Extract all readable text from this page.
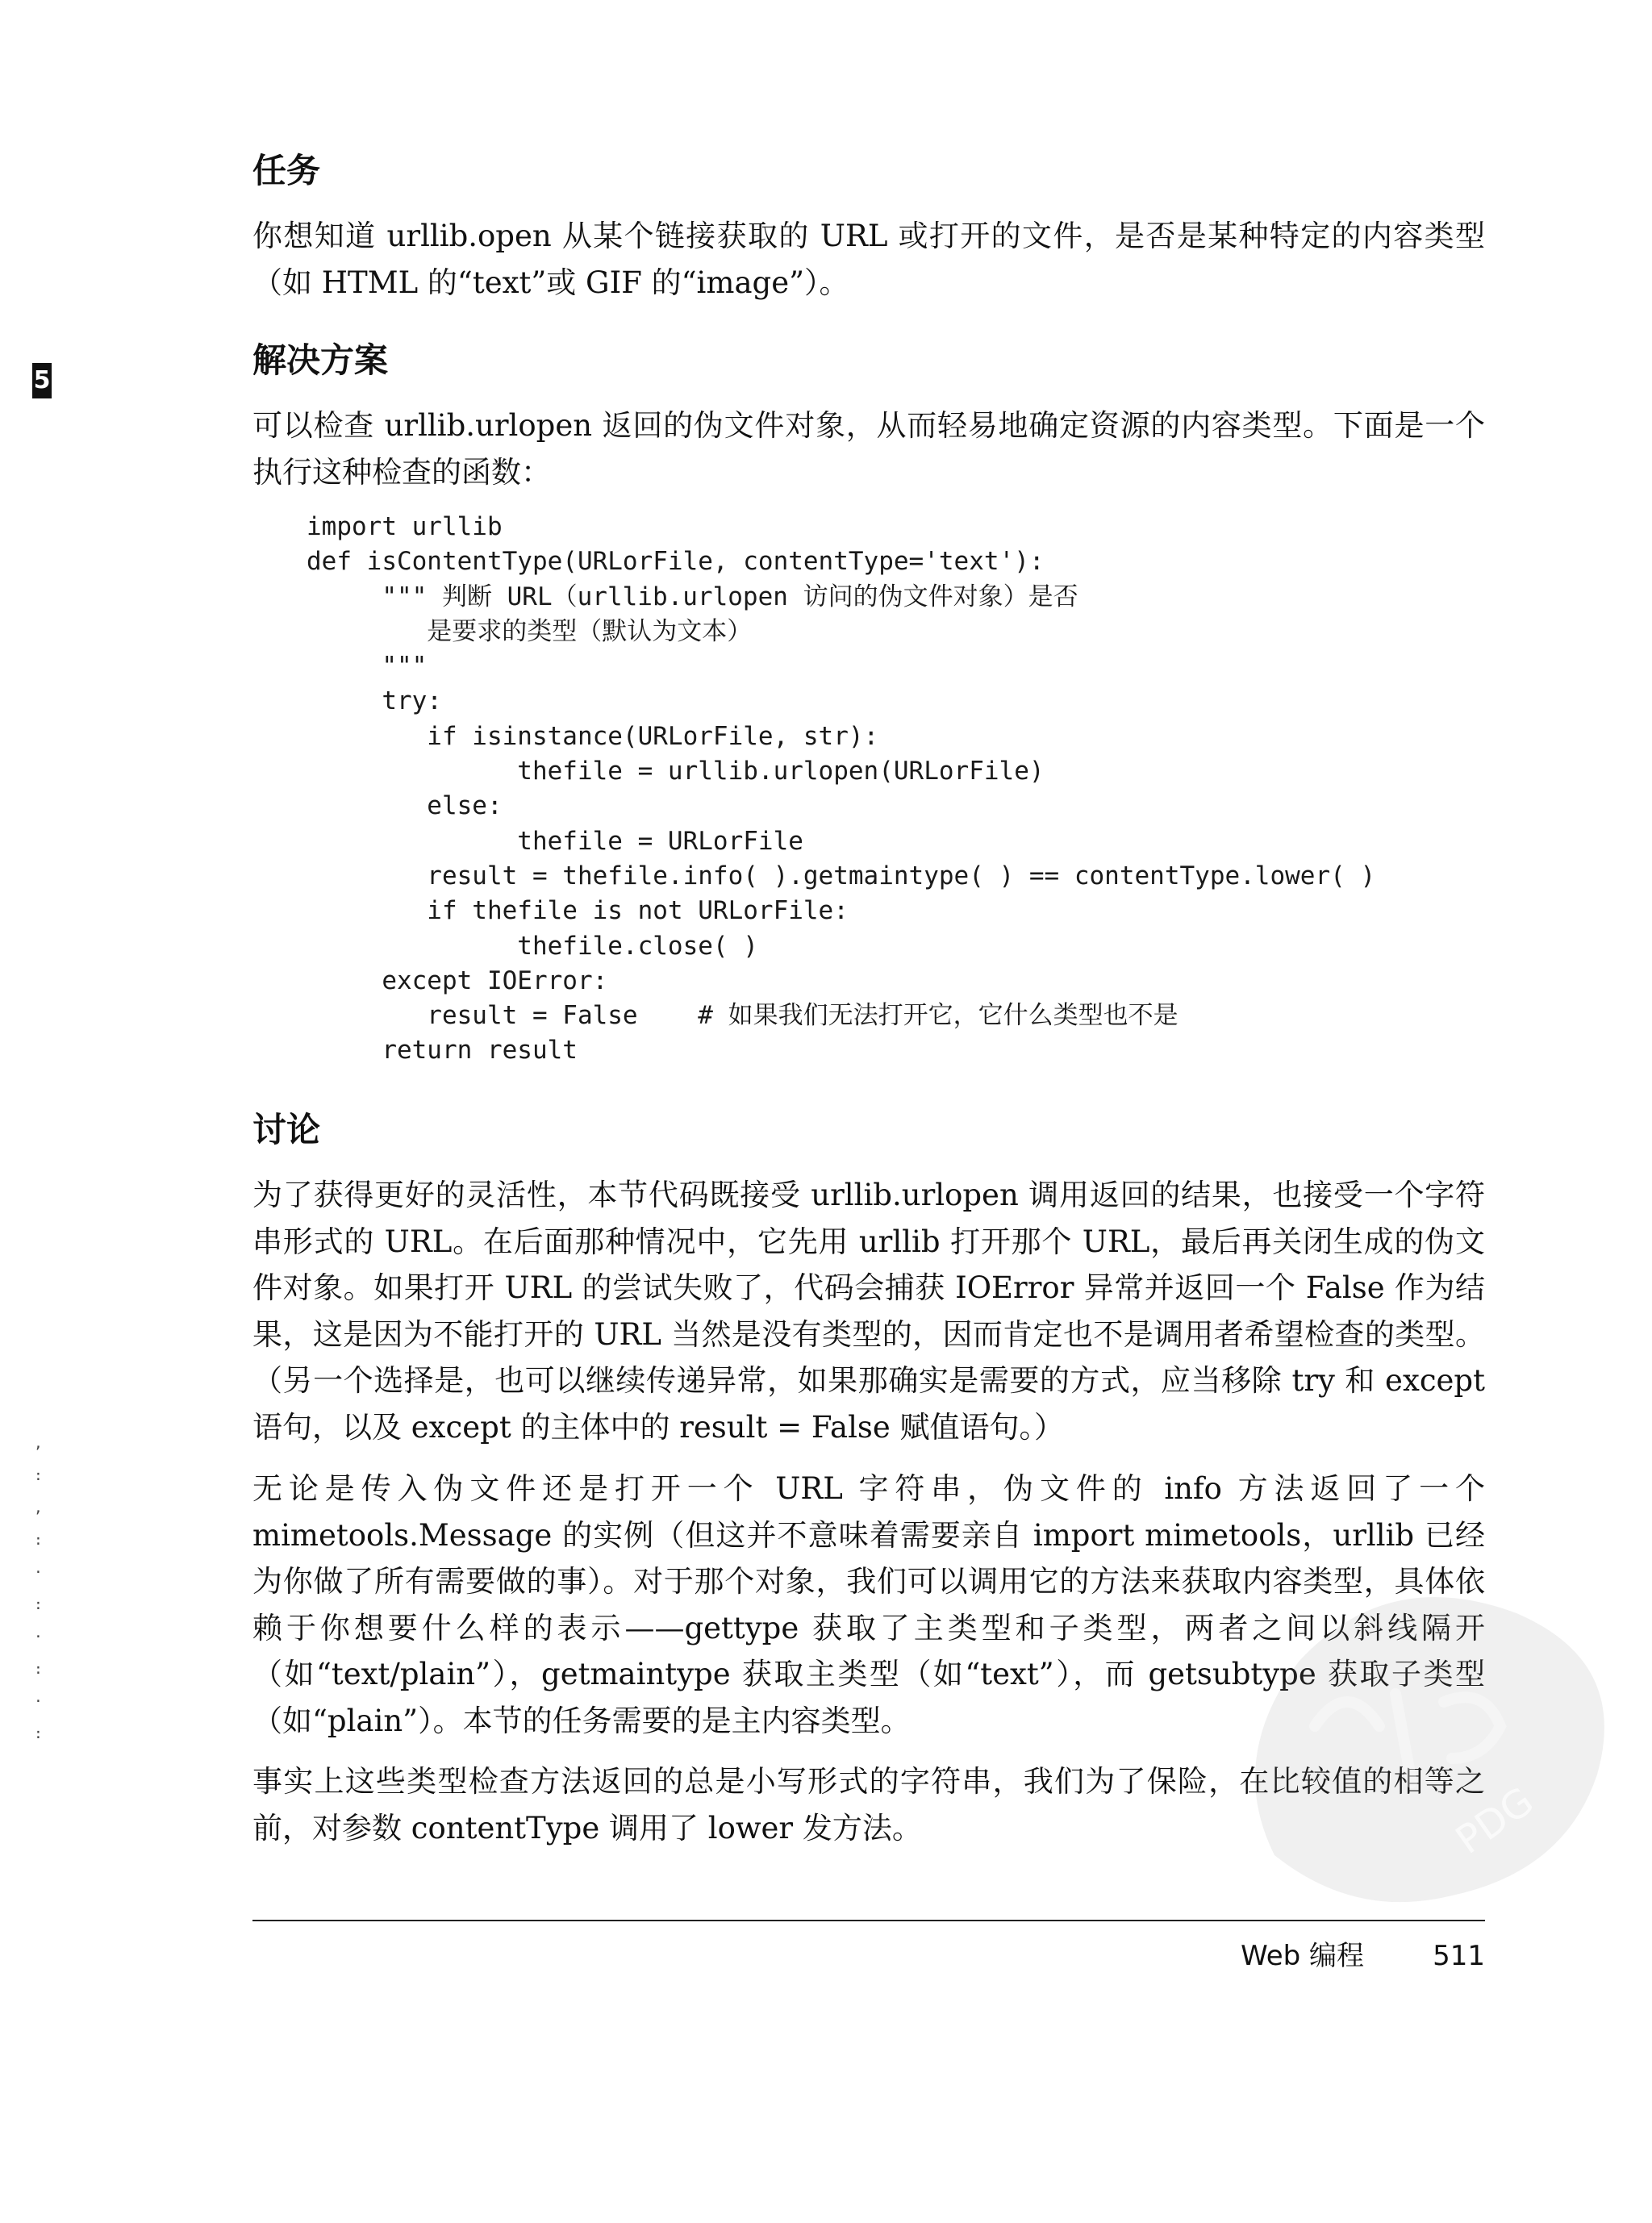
5
任务

你想知道 urllib.open 从某个链接获取的 URL 或打开的文件，是否是某种特定的内容类型（如 HTML 的“text”或 GIF 的“image”）。

解决方案

可以检查 urllib.urlopen 返回的伪文件对象，从而轻易地确定资源的内容类型。下面是一个执行这种检查的函数：

import urllib
def isContentType(URLorFile, contentType='text'):
""" 判断 URL（urllib.urlopen 访问的伪文件对象）是否
是要求的类型（默认为文本）
"""
try:
if isinstance(URLorFile, str):
thefile = urllib.urlopen(URLorFile)
else:
thefile = URLorFile
result = thefile.info( ).getmaintype( ) == contentType.lower( )
if thefile is not URLorFile:
thefile.close( )
except IOError:
result = False    # 如果我们无法打开它，它什么类型也不是
return result
讨论

为了获得更好的灵活性，本节代码既接受 urllib.urlopen 调用返回的结果，也接受一个字符串形式的 URL。在后面那种情况中，它先用 urllib 打开那个 URL，最后再关闭生成的伪文件对象。如果打开 URL 的尝试失败了，代码会捕获 IOError 异常并返回一个 False 作为结果，这是因为不能打开的 URL 当然是没有类型的，因而肯定也不是调用者希望检查的类型。（另一个选择是，也可以继续传递异常，如果那确实是需要的方式，应当移除 try 和 except 语句，以及 except 的主体中的 result = False 赋值语句。）

无论是传入伪文件还是打开一个 URL 字符串，伪文件的 info 方法返回了一个 mimetools.Message 的实例（但这并不意味着需要亲自 import mimetools，urllib 已经为你做了所有需要做的事）。对于那个对象，我们可以调用它的方法来获取内容类型，具体依赖于你想要什么样的表示——gettype 获取了主类型和子类型，两者之间以斜线隔开（如“text/plain”），getmaintype 获取主类型（如“text”），而 getsubtype 获取子类型（如“plain”）。本节的任务需要的是主内容类型。

事实上这些类型检查方法返回的总是小写形式的字符串，我们为了保险，在比较值的相等之前，对参数 contentType 调用了 lower 发方法。

Web 编程	511
,
:
,
:
·
:
·
:
·
:
PDG
